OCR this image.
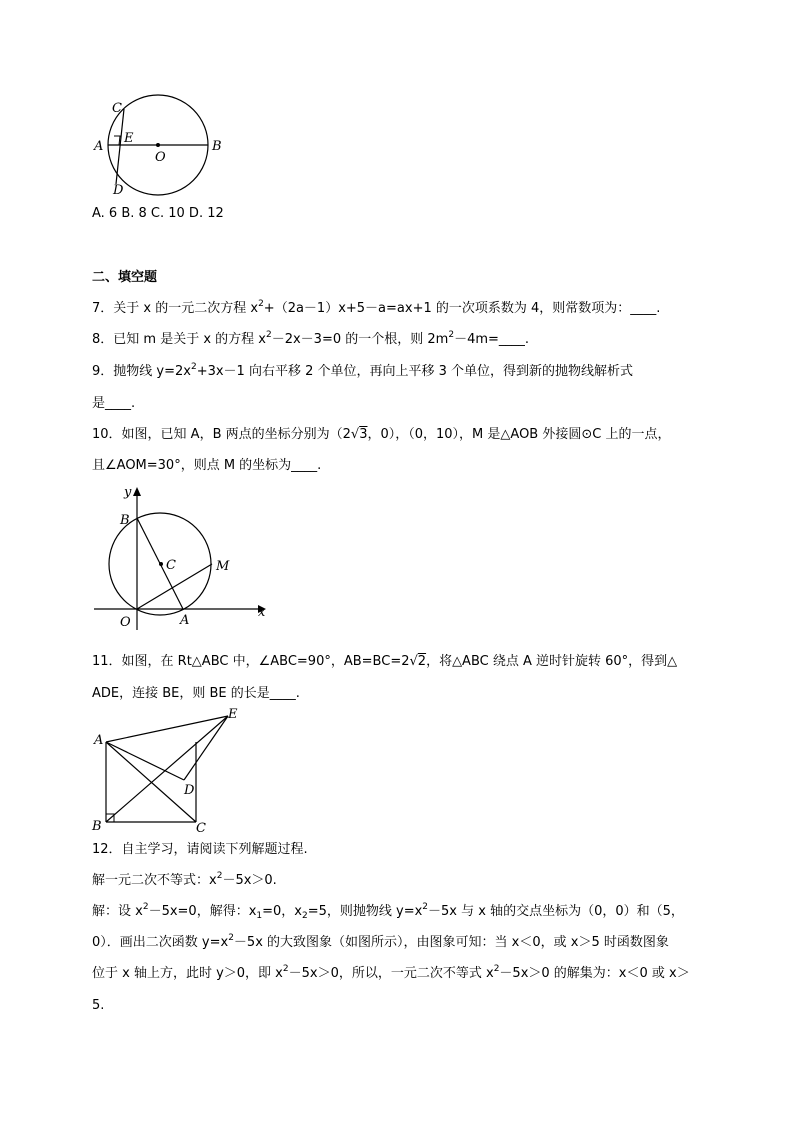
C
A
E
O
B
D
A. 6 B. 8 C. 10 D. 12
二、填空题
7．关于 x 的一元二次方程 $x^2+(2a-1)x+5-a=ax+1$ 的一次项系数为 4，则常数项为：____.
8．已知 m 是关于 x 的方程 $x^2-2x-3=0$ 的一个根，则 $2m^2-4m=\_\_\_\_$.
9．抛物线 $y=2x^2+3x-1$ 向右平移 2 个单位，再向上平移 3 个单位，得到新的抛物线解析式
是____.
10．如图，已知 A，B 两点的坐标分别为（2√3，0），（0，10），M 是△AOB 外接圆⊙C 上的一点，
且∠AOM=30°，则点 M 的坐标为____.
y
B
C	M
O	A
x
11．如图，在 Rt△ABC 中，∠ABC=90°，AB=BC=2√2，将△ABC 绕点 A 逆时针旋转 60°，得到△
ADE，连接 BE，则 BE 的长是____.
A
E
D
B	C
12．自主学习，请阅读下列解题过程.
解一元二次不等式：$x^2-5x>0$.
解：设 $x^2-5x=0$，解得：$x_1=0$，$x_2=5$，则抛物线 $y=x^2-5x$ 与 x 轴的交点坐标为（0，0）和（5，
0）．画出二次函数 $y=x^2-5x$ 的大致图象（如图所示），由图象可知：当 x＜0，或 x＞5 时函数图象
位于 x 轴上方，此时 y＞0，即 $x^2-5x>0$，所以，一元二次不等式 $x^2-5x>0$ 的解集为：x＜0 或 x＞
5.
